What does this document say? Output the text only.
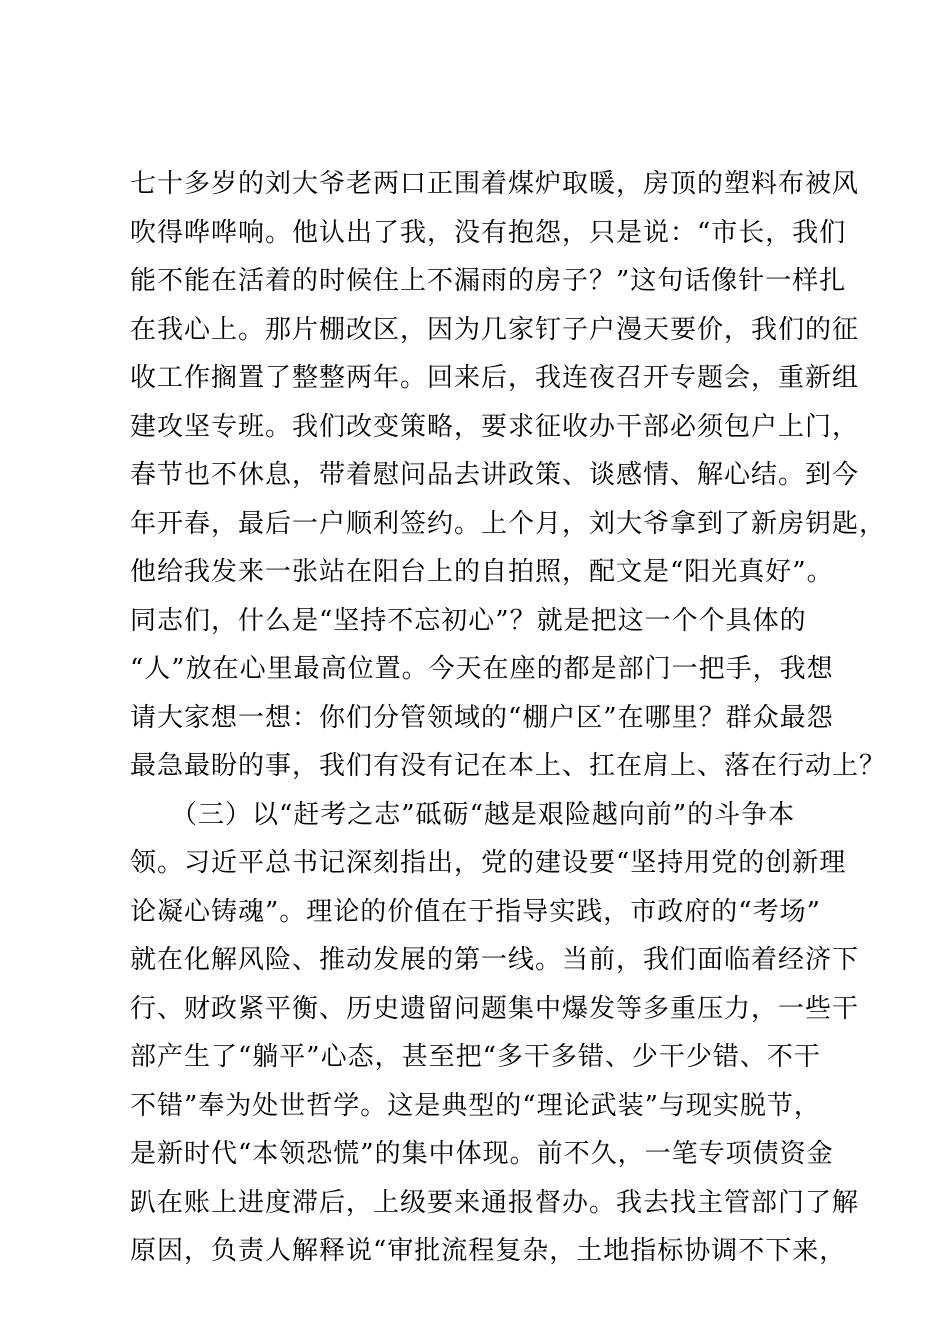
七十多岁的刘大爷老两口正围着煤炉取暖，房顶的塑料布被风
吹得哗哗响。他认出了我，没有抱怨，只是说：“市长，我们
能不能在活着的时候住上不漏雨的房子？”这句话像针一样扎
在我心上。那片棚改区，因为几家钉子户漫天要价，我们的征
收工作搁置了整整两年。回来后，我连夜召开专题会，重新组
建攻坚专班。我们改变策略，要求征收办干部必须包户上门，
春节也不休息，带着慰问品去讲政策、谈感情、解心结。到今
年开春，最后一户顺利签约。上个月，刘大爷拿到了新房钥匙，
他给我发来一张站在阳台上的自拍照，配文是“阳光真好”。
同志们，什么是“坚持不忘初心”？就是把这一个个具体的
“人”放在心里最高位置。今天在座的都是部门一把手，我想
请大家想一想：你们分管领域的“棚户区”在哪里？群众最怨
最急最盼的事，我们有没有记在本上、扛在肩上、落在行动上？
　　（三）以“赶考之志”砥砺“越是艰险越向前”的斗争本
领。习近平总书记深刻指出，党的建设要“坚持用党的创新理
论凝心铸魂”。理论的价值在于指导实践，市政府的“考场”
就在化解风险、推动发展的第一线。当前，我们面临着经济下
行、财政紧平衡、历史遗留问题集中爆发等多重压力，一些干
部产生了“躺平”心态，甚至把“多干多错、少干少错、不干
不错”奉为处世哲学。这是典型的“理论武装”与现实脱节，
是新时代“本领恐慌”的集中体现。前不久，一笔专项债资金
趴在账上进度滞后，上级要来通报督办。我去找主管部门了解
原因，负责人解释说“审批流程复杂，土地指标协调不下来，
